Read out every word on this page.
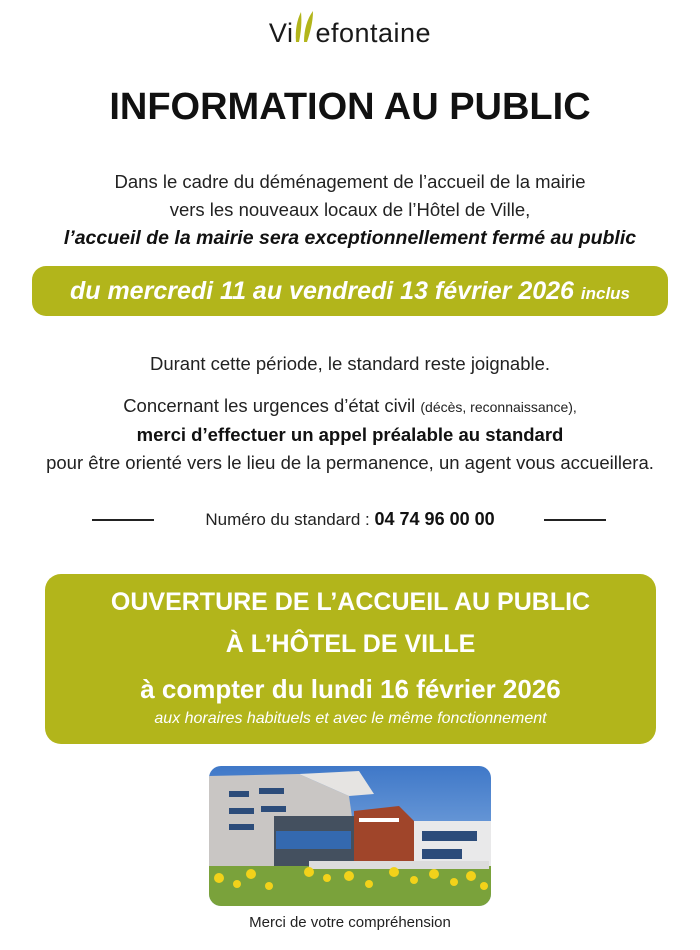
Vi efontaine
INFORMATION AU PUBLIC
Dans le cadre du déménagement de l’accueil de la mairie
vers les nouveaux locaux de l’Hôtel de Ville,
l’accueil de la mairie sera exceptionnellement fermé au public
du mercredi 11 au vendredi 13 février 2026 inclus
Durant cette période, le standard reste joignable.
Concernant les urgences d’état civil (décès, reconnaissance),
merci d’effectuer un appel préalable au standard
pour être orienté vers le lieu de la permanence, un agent vous accueillera.
Numéro du standard : 04 74 96 00 00
OUVERTURE DE L’ACCUEIL AU PUBLIC
À L’HÔTEL DE VILLE
à compter du lundi 16 février 2026
aux horaires habituels et avec le même fonctionnement
Merci de votre compréhension
